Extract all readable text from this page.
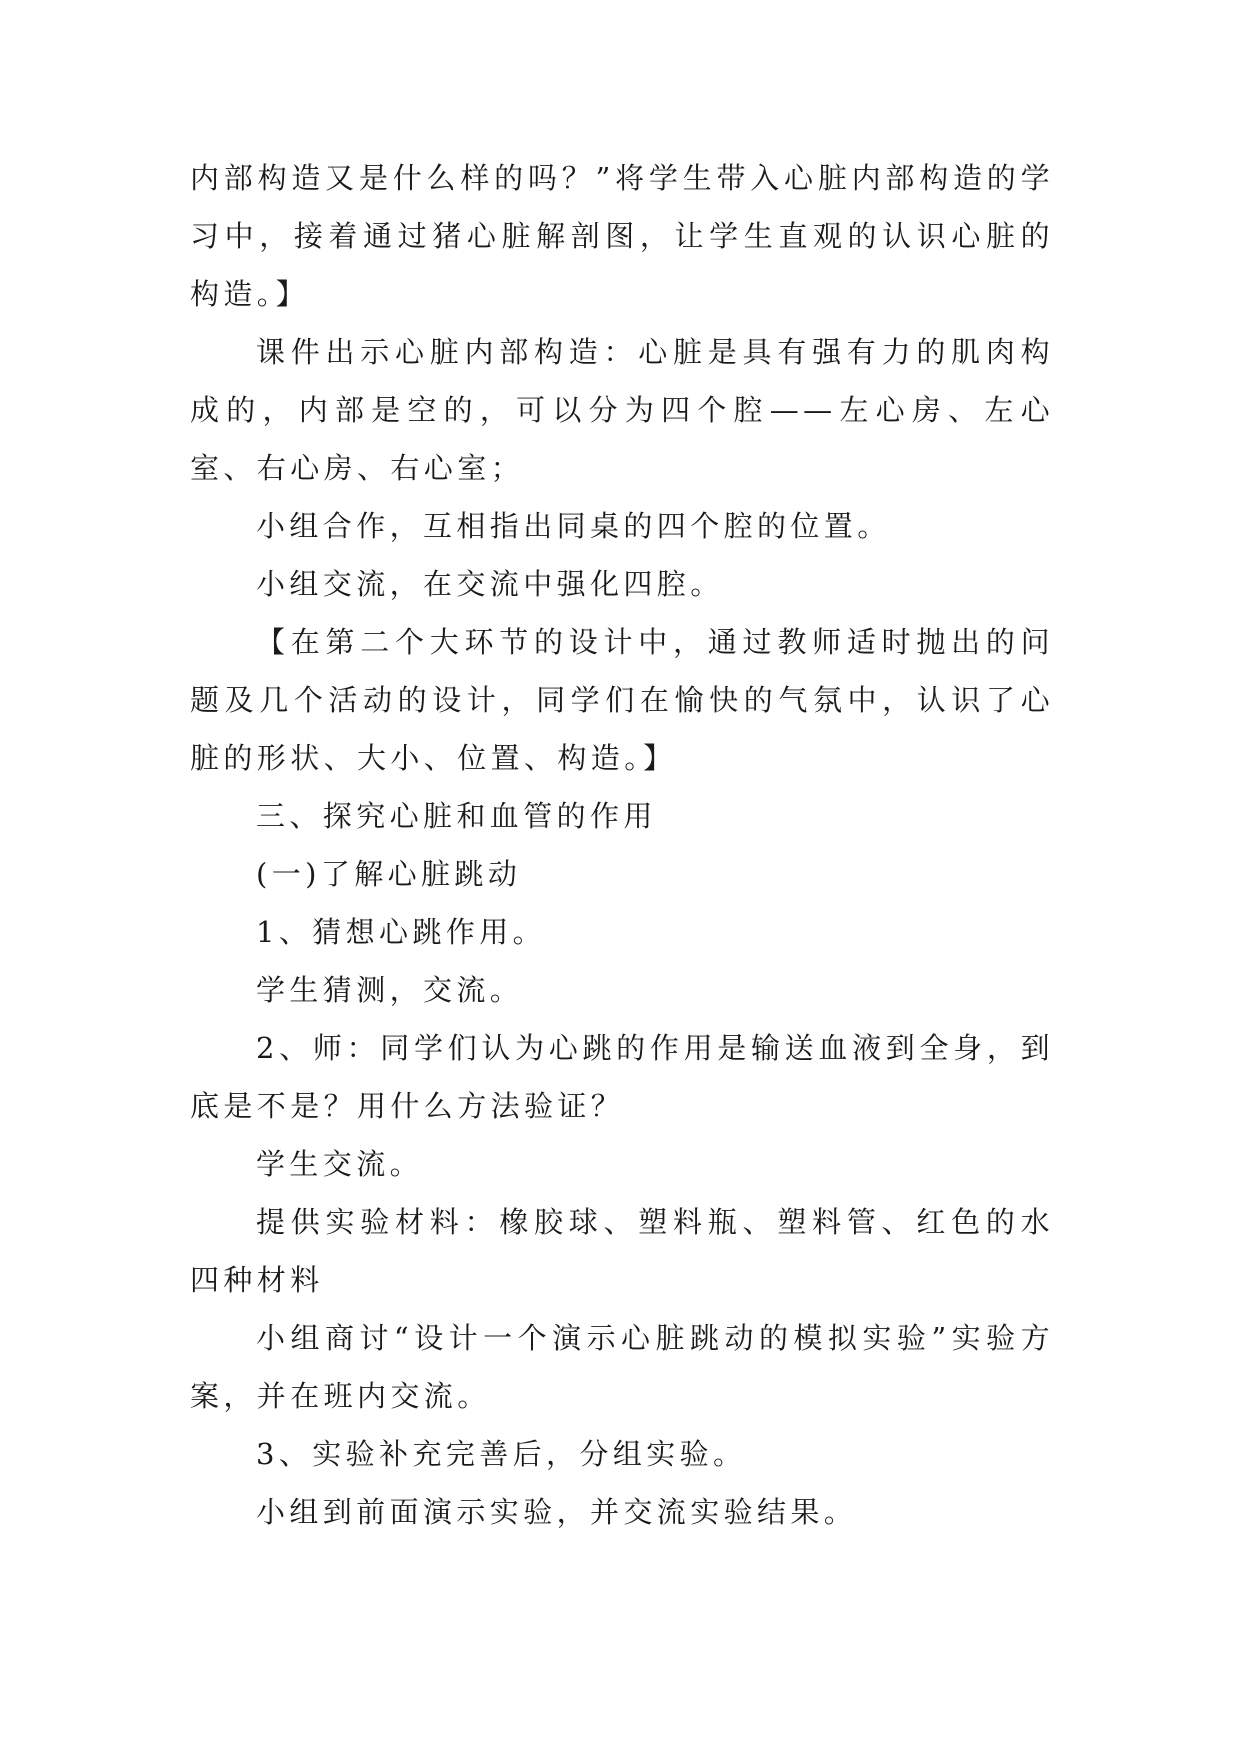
内部构造又是什么样的吗？”将学生带入心脏内部构造的学习中，接着通过猪心脏解剖图，让学生直观的认识心脏的构造。】

课件出示心脏内部构造：心脏是具有强有力的肌肉构成的，内部是空的，可以分为四个腔——左心房、左心室、右心房、右心室；

小组合作，互相指出同桌的四个腔的位置。

小组交流，在交流中强化四腔。

【在第二个大环节的设计中，通过教师适时抛出的问题及几个活动的设计，同学们在愉快的气氛中，认识了心脏的形状、大小、位置、构造。】

三、探究心脏和血管的作用

(一)了解心脏跳动

1、猜想心跳作用。

学生猜测，交流。

2、师：同学们认为心跳的作用是输送血液到全身，到底是不是？用什么方法验证？

学生交流。

提供实验材料：橡胶球、塑料瓶、塑料管、红色的水四种材料

小组商讨“设计一个演示心脏跳动的模拟实验”实验方案，并在班内交流。

3、实验补充完善后，分组实验。

小组到前面演示实验，并交流实验结果。
